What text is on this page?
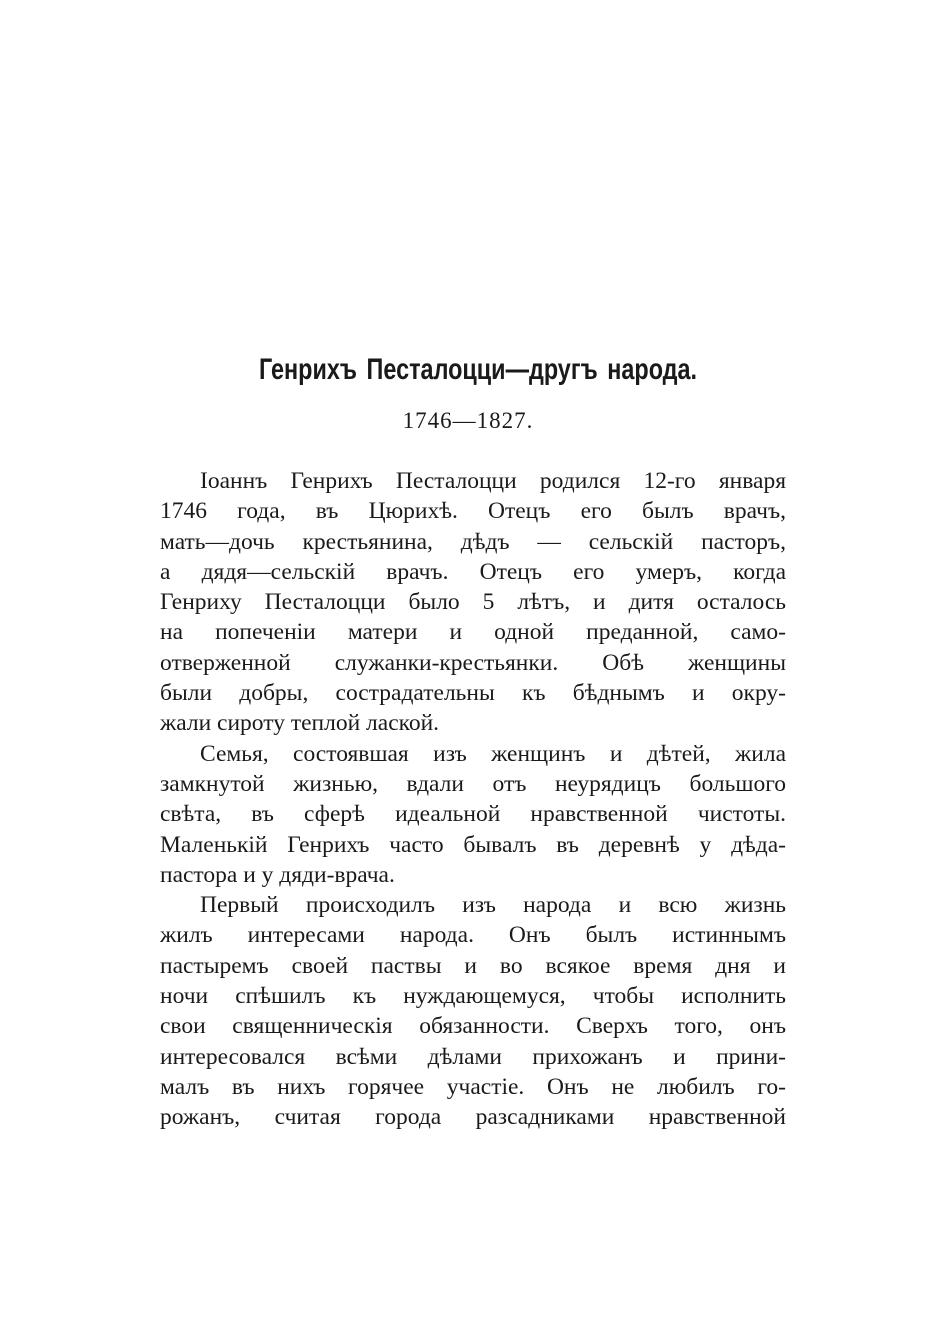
Генрихъ Песталоцци—другъ народа.
1746—1827.
Іоаннъ Генрихъ Песталоцци родился 12-го января
1746 года, въ Цюрихѣ. Отецъ его былъ врачъ,
мать—дочь крестьянина, дѣдъ — сельскій пасторъ,
а дядя—сельскій врачъ. Отецъ его умеръ, когда
Генриху Песталоцци было 5 лѣтъ, и дитя осталось
на попеченіи матери и одной преданной, само-
отверженной служанки-крестьянки. Обѣ женщины
были добры, сострадательны къ бѣднымъ и окру-
жали сироту теплой лаской.
Семья, состоявшая изъ женщинъ и дѣтей, жила
замкнутой жизнью, вдали отъ неурядицъ большого
свѣта, въ сферѣ идеальной нравственной чистоты.
Маленькій Генрихъ часто бывалъ въ деревнѣ у дѣда-
пастора и у дяди-врача.
Первый происходилъ изъ народа и всю жизнь
жилъ интересами народа. Онъ былъ истиннымъ
пастыремъ своей паствы и во всякое время дня и
ночи спѣшилъ къ нуждающемуся, чтобы исполнить
свои священническія обязанности. Сверхъ того, онъ
интересовался всѣми дѣлами прихожанъ и прини-
малъ въ нихъ горячее участіе. Онъ не любилъ го-
рожанъ, считая города разсадниками нравственной
